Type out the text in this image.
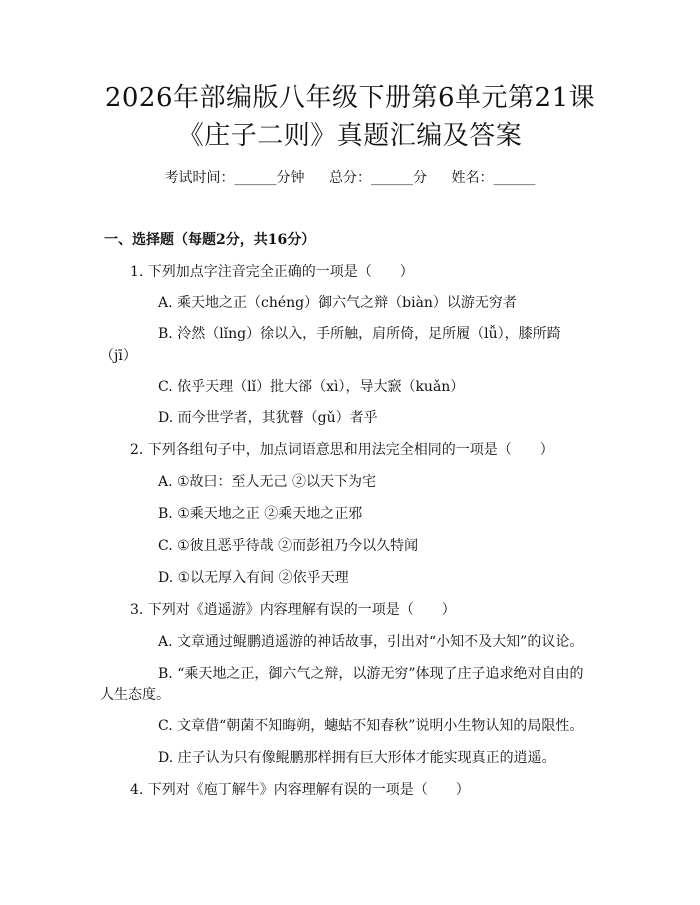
2026年部编版八年级下册第6单元第21课
《庄子二则》真题汇编及答案
考试时间：______分钟 总分：______分 姓名：______
一、选择题（每题2分，共16分）
1. 下列加点字注音完全正确的一项是（　　）
A. 乘天地之正（chéng）御六气之辩（biàn）以游无穷者
B. 泠然（lǐng）徐以入，手所触，肩所倚，足所履（lǚ），膝所踦
（jī）
C. 依乎天理（lǐ）批大郤（xì），导大窾（kuǎn）
D. 而今世学者，其犹瞽（gǔ）者乎
2. 下列各组句子中，加点词语意思和用法完全相同的一项是（　　）
A. ①故曰：至人无己 ②以天下为宅
B. ①乘天地之正 ②乘天地之正邪
C. ①彼且恶乎待哉 ②而彭祖乃今以久特闻
D. ①以无厚入有间 ②依乎天理
3. 下列对《逍遥游》内容理解有误的一项是（　　）
A. 文章通过鲲鹏逍遥游的神话故事，引出对“小知不及大知”的议论。
B. “乘天地之正，御六气之辩，以游无穷”体现了庄子追求绝对自由的
人生态度。
C. 文章借“朝菌不知晦朔，蟪蛄不知春秋”说明小生物认知的局限性。
D. 庄子认为只有像鲲鹏那样拥有巨大形体才能实现真正的逍遥。
4. 下列对《庖丁解牛》内容理解有误的一项是（　　）
